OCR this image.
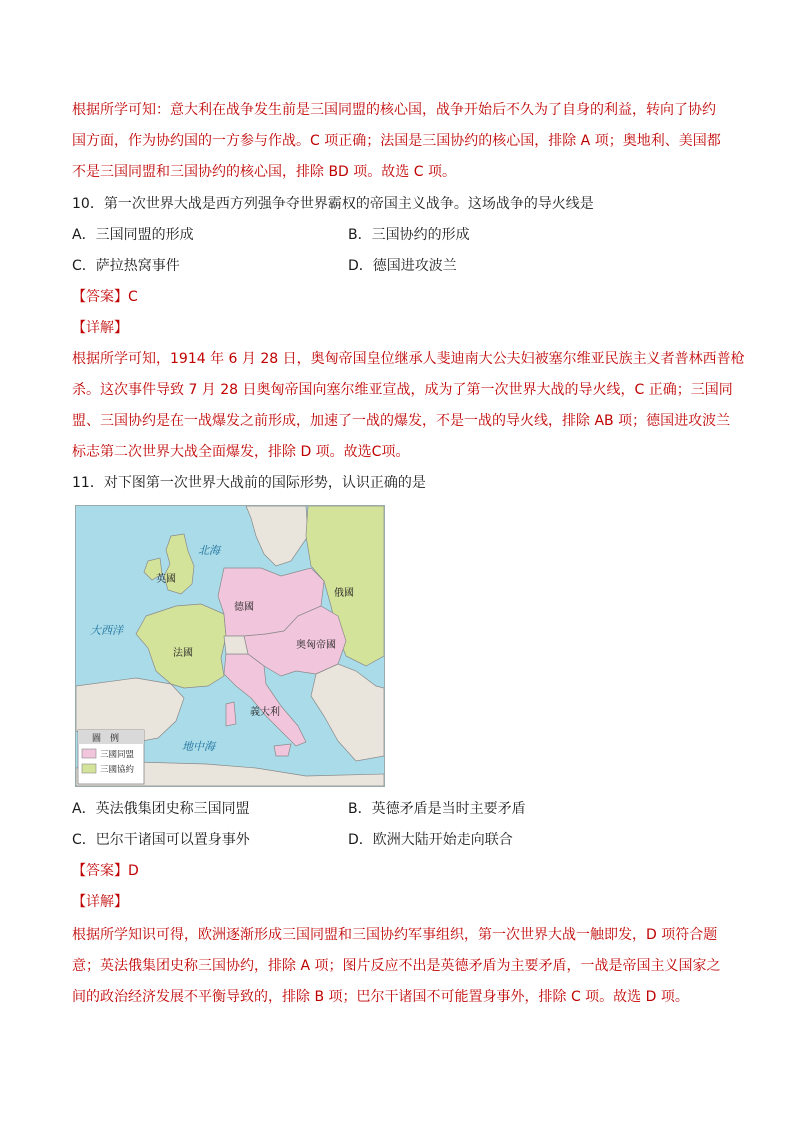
根据所学可知：意大利在战争发生前是三国同盟的核心国，战争开始后不久为了自身的利益，转向了协约
国方面，作为协约国的一方参与作战。C 项正确；法国是三国协约的核心国，排除 A 项；奥地利、美国都
不是三国同盟和三国协约的核心国，排除 BD 项。故选 C 项。
10．第一次世界大战是西方列强争夺世界霸权的帝国主义战争。这场战争的导火线是
A．三国同盟的形成	B．三国协约的形成
C．萨拉热窝事件	D．德国进攻波兰
【答案】C
【详解】
根据所学可知，1914 年 6 月 28 日，奥匈帝国皇位继承人斐迪南大公夫妇被塞尔维亚民族主义者普林西普枪
杀。这次事件导致 7 月 28 日奥匈帝国向塞尔维亚宣战，成为了第一次世界大战的导火线，C 正确；三国同
盟、三国协约是在一战爆发之前形成，加速了一战的爆发，不是一战的导火线，排除 AB 项；德国进攻波兰
标志第二次世界大战全面爆发，排除 D 项。故选C项。
11．对下图第一次世界大战前的国际形势，认识正确的是
北海
大西洋
地中海
英國
法國
德國
俄國
奥匈帝國
義大利
圖　例
三國同盟
三國協約
A．英法俄集团史称三国同盟	B．英德矛盾是当时主要矛盾
C．巴尔干诸国可以置身事外	D．欧洲大陆开始走向联合
【答案】D
【详解】
根据所学知识可得，欧洲逐渐形成三国同盟和三国协约军事组织，第一次世界大战一触即发，D 项符合题
意；英法俄集团史称三国协约，排除 A 项；图片反应不出是英德矛盾为主要矛盾，一战是帝国主义国家之
间的政治经济发展不平衡导致的，排除 B 项；巴尔干诸国不可能置身事外，排除 C 项。故选 D 项。
